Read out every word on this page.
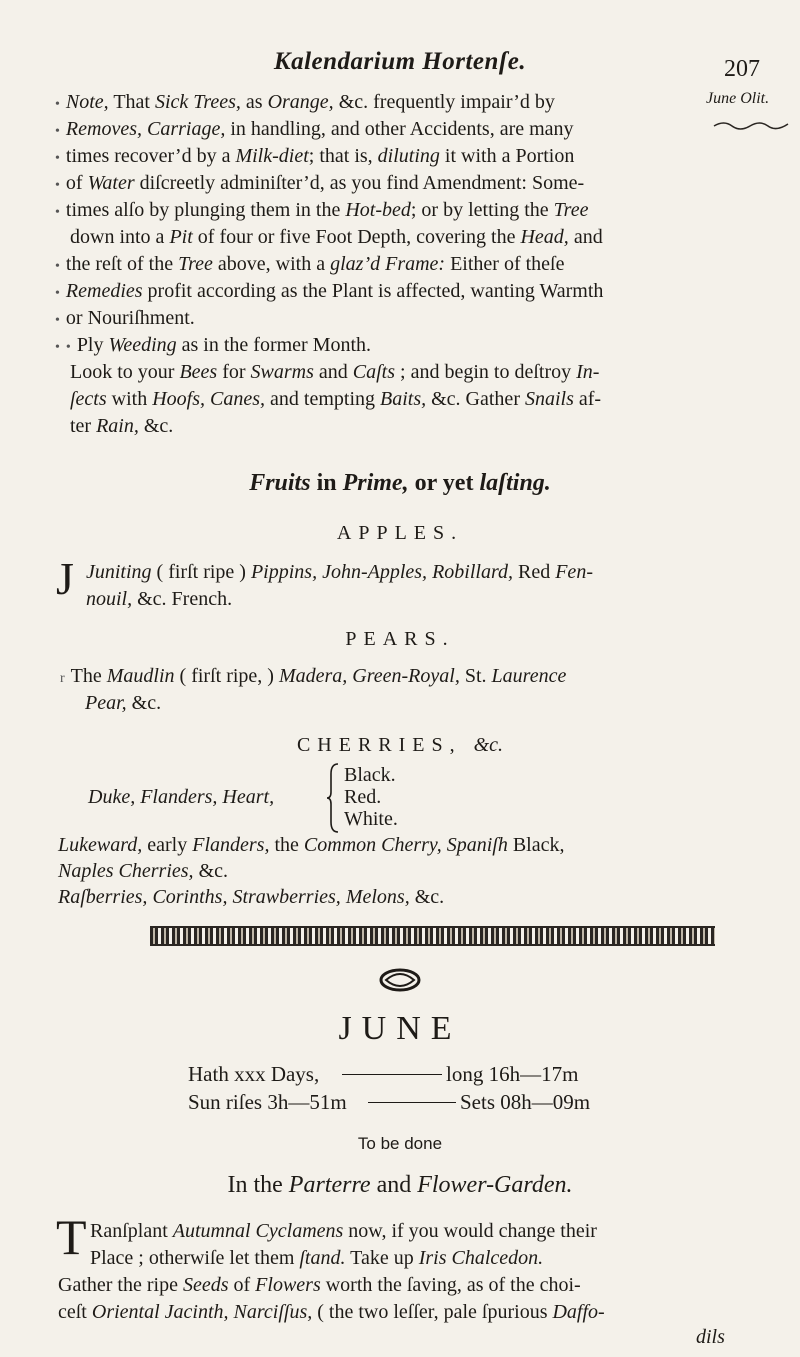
Kalendarium Hortenſe.	207
June Olit.
• Note, That Sick Trees, as Orange, &c. frequently impair’d by
• Removes, Carriage, in handling, and other Accidents, are many
• times recover’d by a Milk-diet; that is, diluting it with a Portion
• of Water diſcreetly adminiſter’d, as you find Amendment: Some-
• times alſo by plunging them in the Hot-bed; or by letting the Tree
down into a Pit of four or five Foot Depth, covering the Head, and
• the reſt of the Tree above, with a glaz’d Frame: Either of theſe
• Remedies profit according as the Plant is affected, wanting Warmth
• or Nouriſhment.
• • Ply Weeding as in the former Month.
Look to your Bees for Swarms and Caſts ; and begin to deſtroy In-
ſects with Hoofs, Canes, and tempting Baits, &c. Gather Snails af-
ter Rain, &c.
Fruits in Prime, or yet laſting.
APPLES.
J Juniting ( firſt ripe ) Pippins, John-Apples, Robillard, Red Fen-
nouil, &c. French.
PEARS.
r The Maudlin ( firſt ripe, ) Madera, Green-Royal, St. Laurence
Pear, &c.
CHERRIES, &c.
Duke, Flanders, Heart,
Black.
Red.
White.
Lukeward, early Flanders, the Common Cherry, Spaniſh Black,
Naples Cherries, &c.
Raſberries, Corinths, Strawberries, Melons, &c.
JUNE
Hath xxx Days,	long 16h—17m
Sun riſes 3h—51m	Sets 08h—09m
To be done
In the Parterre and Flower-Garden.
T Ranſplant Autumnal Cyclamens now, if you would change their
Place ; otherwiſe let them ſtand. Take up Iris Chalcedon.
Gather the ripe Seeds of Flowers worth the ſaving, as of the choi-
ceſt Oriental Jacinth, Narciſſus, ( the two leſſer, pale ſpurious Daffo-
dils
